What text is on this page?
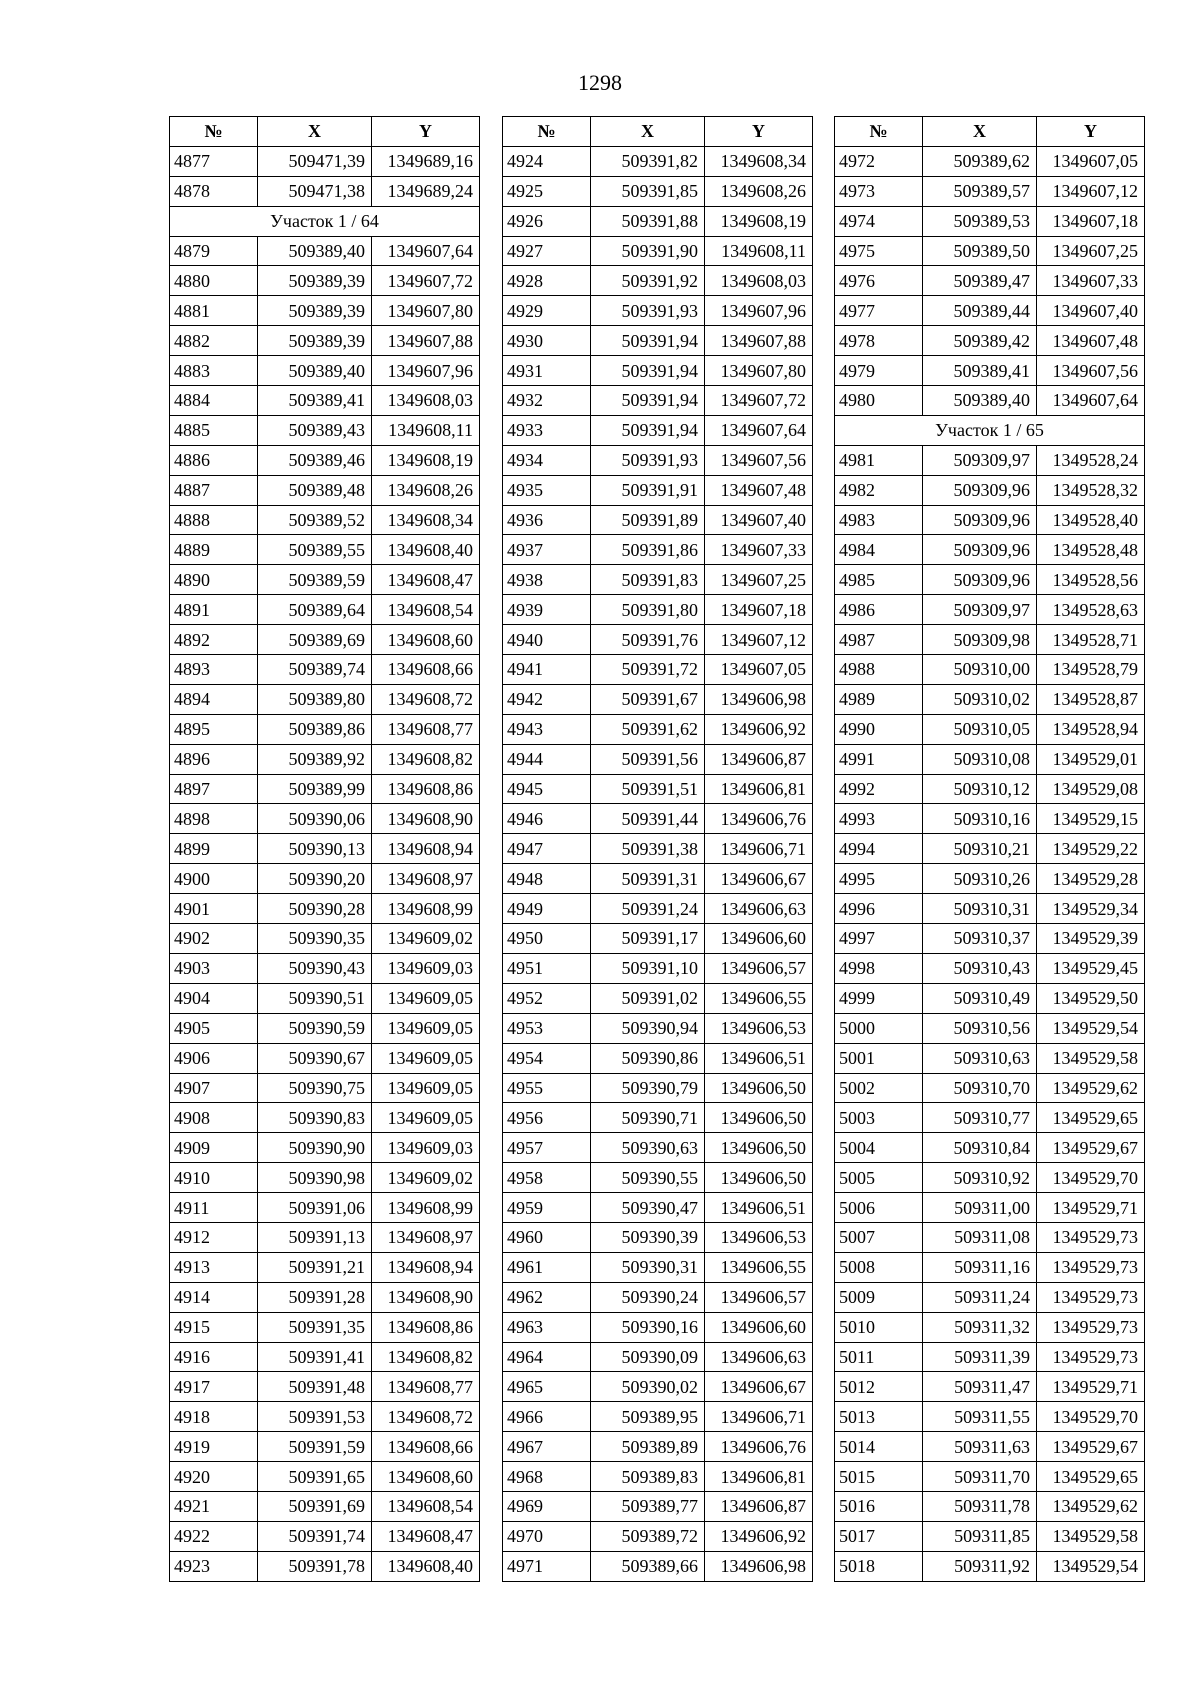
1298
№	X	Y
4877	509471,39	1349689,16
4878	509471,38	1349689,24
Участок 1 / 64		
4879	509389,40	1349607,64
4880	509389,39	1349607,72
4881	509389,39	1349607,80
4882	509389,39	1349607,88
4883	509389,40	1349607,96
4884	509389,41	1349608,03
4885	509389,43	1349608,11
4886	509389,46	1349608,19
4887	509389,48	1349608,26
4888	509389,52	1349608,34
4889	509389,55	1349608,40
4890	509389,59	1349608,47
4891	509389,64	1349608,54
4892	509389,69	1349608,60
4893	509389,74	1349608,66
4894	509389,80	1349608,72
4895	509389,86	1349608,77
4896	509389,92	1349608,82
4897	509389,99	1349608,86
4898	509390,06	1349608,90
4899	509390,13	1349608,94
4900	509390,20	1349608,97
4901	509390,28	1349608,99
4902	509390,35	1349609,02
4903	509390,43	1349609,03
4904	509390,51	1349609,05
4905	509390,59	1349609,05
4906	509390,67	1349609,05
4907	509390,75	1349609,05
4908	509390,83	1349609,05
4909	509390,90	1349609,03
4910	509390,98	1349609,02
4911	509391,06	1349608,99
4912	509391,13	1349608,97
4913	509391,21	1349608,94
4914	509391,28	1349608,90
4915	509391,35	1349608,86
4916	509391,41	1349608,82
4917	509391,48	1349608,77
4918	509391,53	1349608,72
4919	509391,59	1349608,66
4920	509391,65	1349608,60
4921	509391,69	1349608,54
4922	509391,74	1349608,47
4923	509391,78	1349608,40
№	X	Y
4924	509391,82	1349608,34
4925	509391,85	1349608,26
4926	509391,88	1349608,19
4927	509391,90	1349608,11
4928	509391,92	1349608,03
4929	509391,93	1349607,96
4930	509391,94	1349607,88
4931	509391,94	1349607,80
4932	509391,94	1349607,72
4933	509391,94	1349607,64
4934	509391,93	1349607,56
4935	509391,91	1349607,48
4936	509391,89	1349607,40
4937	509391,86	1349607,33
4938	509391,83	1349607,25
4939	509391,80	1349607,18
4940	509391,76	1349607,12
4941	509391,72	1349607,05
4942	509391,67	1349606,98
4943	509391,62	1349606,92
4944	509391,56	1349606,87
4945	509391,51	1349606,81
4946	509391,44	1349606,76
4947	509391,38	1349606,71
4948	509391,31	1349606,67
4949	509391,24	1349606,63
4950	509391,17	1349606,60
4951	509391,10	1349606,57
4952	509391,02	1349606,55
4953	509390,94	1349606,53
4954	509390,86	1349606,51
4955	509390,79	1349606,50
4956	509390,71	1349606,50
4957	509390,63	1349606,50
4958	509390,55	1349606,50
4959	509390,47	1349606,51
4960	509390,39	1349606,53
4961	509390,31	1349606,55
4962	509390,24	1349606,57
4963	509390,16	1349606,60
4964	509390,09	1349606,63
4965	509390,02	1349606,67
4966	509389,95	1349606,71
4967	509389,89	1349606,76
4968	509389,83	1349606,81
4969	509389,77	1349606,87
4970	509389,72	1349606,92
4971	509389,66	1349606,98
№	X	Y
4972	509389,62	1349607,05
4973	509389,57	1349607,12
4974	509389,53	1349607,18
4975	509389,50	1349607,25
4976	509389,47	1349607,33
4977	509389,44	1349607,40
4978	509389,42	1349607,48
4979	509389,41	1349607,56
4980	509389,40	1349607,64
Участок 1 / 65		
4981	509309,97	1349528,24
4982	509309,96	1349528,32
4983	509309,96	1349528,40
4984	509309,96	1349528,48
4985	509309,96	1349528,56
4986	509309,97	1349528,63
4987	509309,98	1349528,71
4988	509310,00	1349528,79
4989	509310,02	1349528,87
4990	509310,05	1349528,94
4991	509310,08	1349529,01
4992	509310,12	1349529,08
4993	509310,16	1349529,15
4994	509310,21	1349529,22
4995	509310,26	1349529,28
4996	509310,31	1349529,34
4997	509310,37	1349529,39
4998	509310,43	1349529,45
4999	509310,49	1349529,50
5000	509310,56	1349529,54
5001	509310,63	1349529,58
5002	509310,70	1349529,62
5003	509310,77	1349529,65
5004	509310,84	1349529,67
5005	509310,92	1349529,70
5006	509311,00	1349529,71
5007	509311,08	1349529,73
5008	509311,16	1349529,73
5009	509311,24	1349529,73
5010	509311,32	1349529,73
5011	509311,39	1349529,73
5012	509311,47	1349529,71
5013	509311,55	1349529,70
5014	509311,63	1349529,67
5015	509311,70	1349529,65
5016	509311,78	1349529,62
5017	509311,85	1349529,58
5018	509311,92	1349529,54
